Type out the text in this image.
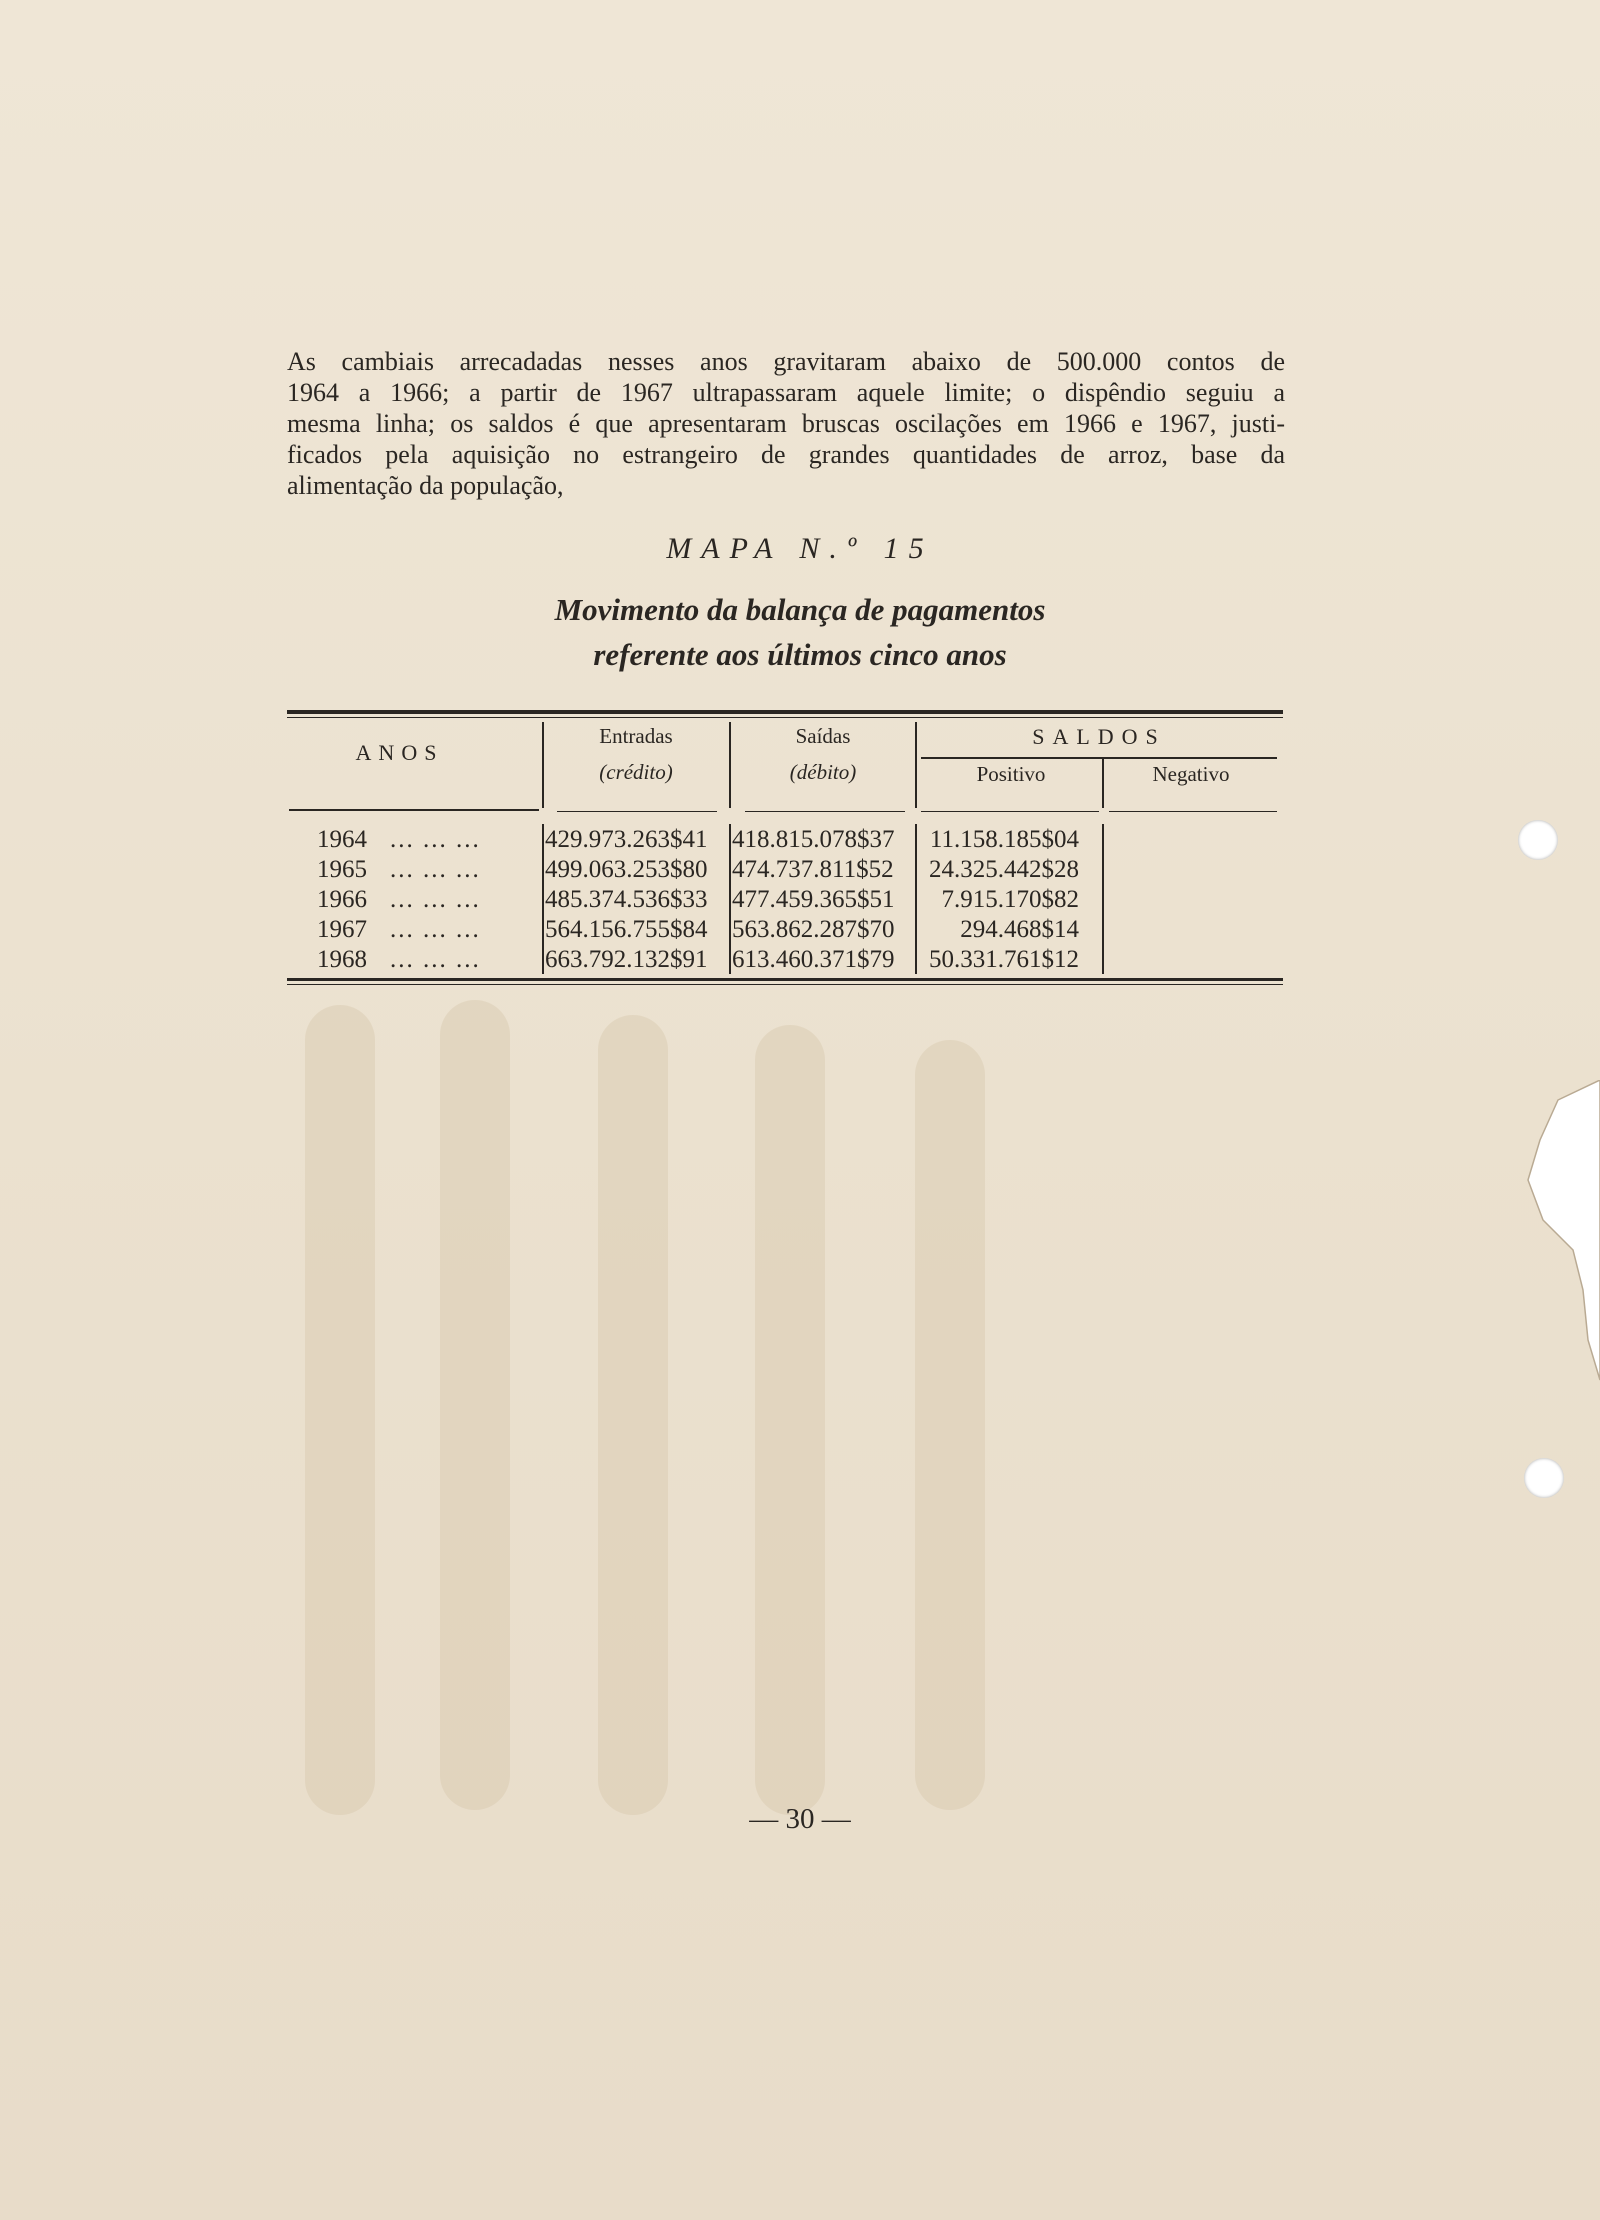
As cambiais arrecadadas nesses anos gravitaram abaixo de 500.000 contos de
1964 a 1966; a partir de 1967 ultrapassaram aquele limite; o dispêndio seguiu a
mesma linha; os saldos é que apresentaram bruscas oscilações em 1966 e 1967, justi-
ficados pela aquisição no estrangeiro de grandes quantidades de arroz, base da
alimentação da população,
MAPA N.º 15
Movimento da balança de pagamentos
referente aos últimos cinco anos
ANOS
Entradas
(crédito)
Saídas
(débito)
SALDOS
Positivo	Negativo
1964 ... ... ...	429.973.263$41 418.815.078$37	11.158.185$04
1965 ... ... ...	499.063.253$80 474.737.811$52	24.325.442$28
1966 ... ... ...	485.374.536$33 477.459.365$51	7.915.170$82
1967 ... ... ...	564.156.755$84 563.862.287$70	294.468$14
1968 ... ... ...	663.792.132$91 613.460.371$79	50.331.761$12
— 30 —
